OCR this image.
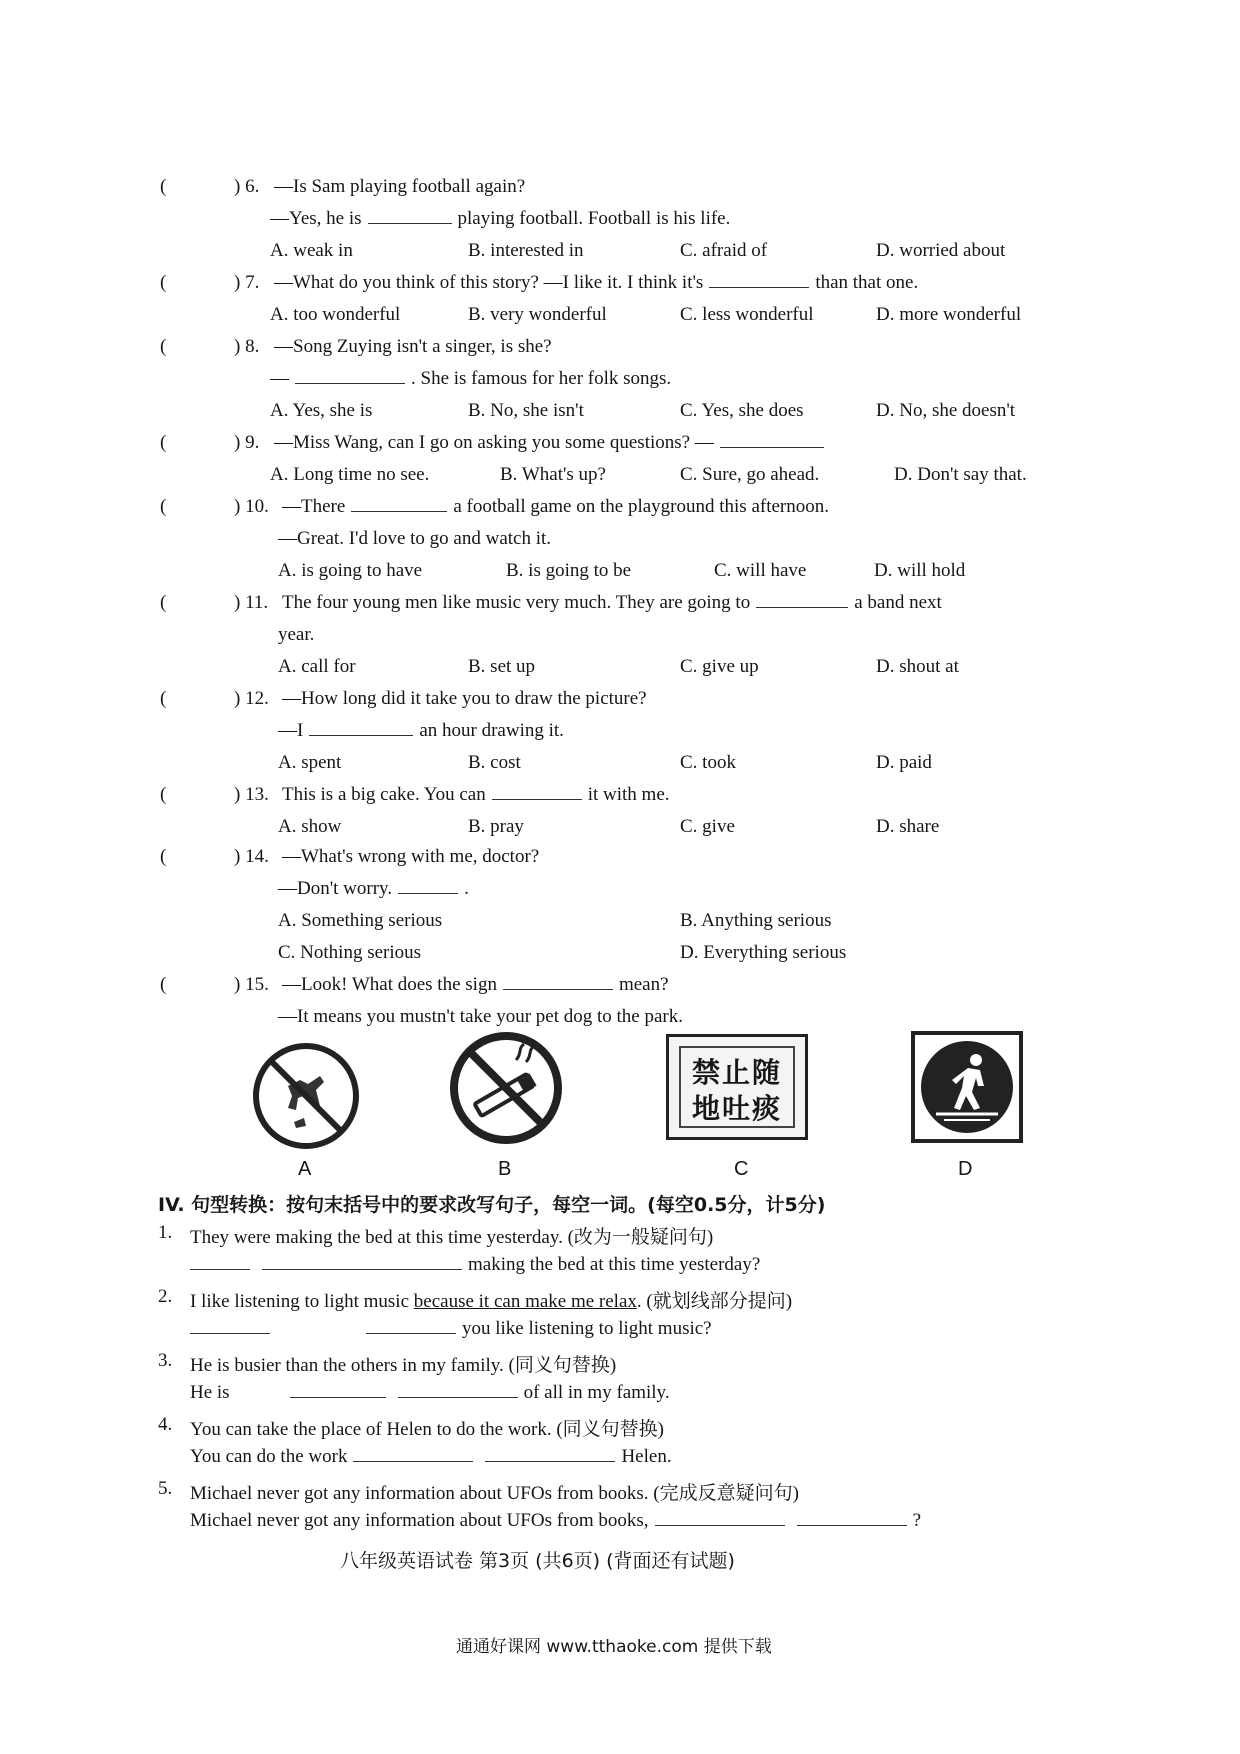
(	) 6. —Is Sam playing football again?
—Yes, he is	playing football. Football is his life.
A. weak in	B. interested in	C. afraid of	D. worried about
(	) 7. —What do you think of this story? —I like it. I think it's	than that one.
A. too wonderful	B. very wonderful	C. less wonderful	D. more wonderful
(	) 8. —Song Zuying isn't a singer, is she?
—	. She is famous for her folk songs.
A. Yes, she is	B. No, she isn't	C. Yes, she does	D. No, she doesn't
(	) 9. —Miss Wang, can I go on asking you some questions? —
A. Long time no see.	B. What's up?	C. Sure, go ahead.	D. Don't say that.
(	) 10. —There	a football game on the playground this afternoon.
—Great. I'd love to go and watch it.
A. is going to have	B. is going to be	C. will have	D. will hold
(	) 11. The four young men like music very much. They are going to	a band next
year.
A. call for	B. set up	C. give up	D. shout at
(	) 12. —How long did it take you to draw the picture?
—I	an hour drawing it.
A. spent	B. cost	C. took	D. paid
(	) 13. This is a big cake. You can	it with me.
A. show	B. pray	C. give	D. share
(	) 14. —What's wrong with me, doctor?
—Don't worry.	.
A. Something serious	B. Anything serious
C. Nothing serious	D. Everything serious
(	) 15. —Look! What does the sign	mean?
—It means you mustn't take your pet dog to the park.
A	B
禁止随
地吐痰
C	D
IV. 句型转换：按句末括号中的要求改写句子，每空一词。(每空0.5分，计5分)
1. They were making the bed at this time yesterday. (改为一般疑问句)
making the bed at this time yesterday?
2. I like listening to light music because it can make me relax. (就划线部分提问)
you like listening to light music?
3. He is busier than the others in my family. (同义句替换)
He is	of all in my family.
4. You can take the place of Helen to do the work. (同义句替换)
You can do the work	Helen.
5. Michael never got any information about UFOs from books. (完成反意疑问句)
Michael never got any information about UFOs from books,	?
八年级英语试卷 第3页 (共6页) (背面还有试题)
通通好课网 www.tthaoke.com 提供下载
